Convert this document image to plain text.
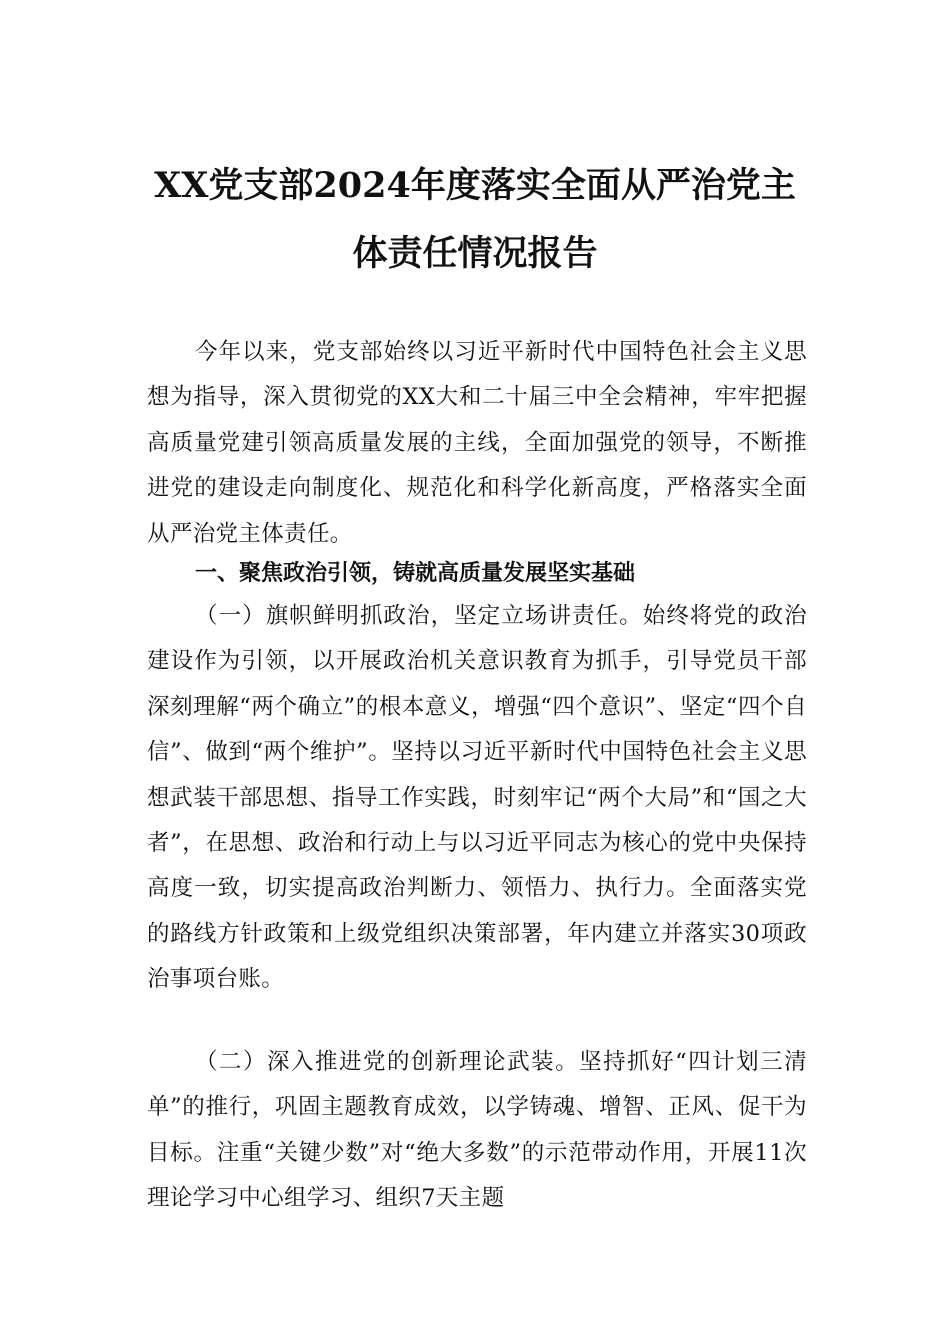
XX党支部2024年度落实全面从严治党主
体责任情况报告

今年以来，党支部始终以习近平新时代中国特色社会主义思想为指导，深入贯彻党的XX大和二十届三中全会精神，牢牢把握高质量党建引领高质量发展的主线，全面加强党的领导，不断推进党的建设走向制度化、规范化和科学化新高度，严格落实全面从严治党主体责任。

一、聚焦政治引领，铸就高质量发展坚实基础

（一）旗帜鲜明抓政治，坚定立场讲责任。始终将党的政治建设作为引领，以开展政治机关意识教育为抓手，引导党员干部深刻理解“两个确立”的根本意义，增强“四个意识”、坚定“四个自信”、做到“两个维护”。坚持以习近平新时代中国特色社会主义思想武装干部思想、指导工作实践，时刻牢记“两个大局”和“国之大者”，在思想、政治和行动上与以习近平同志为核心的党中央保持高度一致，切实提高政治判断力、领悟力、执行力。全面落实党的路线方针政策和上级党组织决策部署，年内建立并落实30项政治事项台账。

（二）深入推进党的创新理论武装。坚持抓好“四计划三清单”的推行，巩固主题教育成效，以学铸魂、增智、正风、促干为目标。注重“关键少数”对“绝大多数”的示范带动作用，开展11次理论学习中心组学习、组织7天主题
